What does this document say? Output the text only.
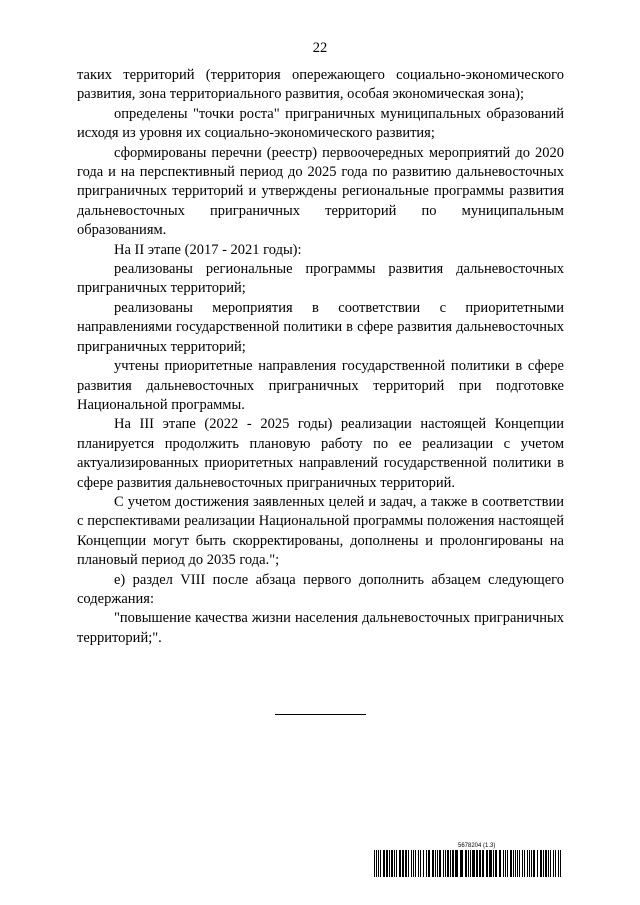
22

таких территорий (территория опережающего социально-экономического развития, зона территориального развития, особая экономическая зона);

определены "точки роста" приграничных муниципальных образований исходя из уровня их социально-экономического развития;

сформированы перечни (реестр) первоочередных мероприятий до 2020 года и на перспективный период до 2025 года по развитию дальневосточных приграничных территорий и утверждены региональные программы развития дальневосточных приграничных территорий по муниципальным образованиям.

На II этапе (2017 - 2021 годы):

реализованы региональные программы развития дальневосточных приграничных территорий;

реализованы мероприятия в соответствии с приоритетными направлениями государственной политики в сфере развития дальневосточных приграничных территорий;

учтены приоритетные направления государственной политики в сфере развития дальневосточных приграничных территорий при подготовке Национальной программы.

На III этапе (2022 - 2025 годы) реализации настоящей Концепции планируется продолжить плановую работу по ее реализации с учетом актуализированных приоритетных направлений государственной политики в сфере развития дальневосточных приграничных территорий.

С учетом достижения заявленных целей и задач, а также в соответствии с перспективами реализации Национальной программы положения настоящей Концепции могут быть скорректированы, дополнены и пролонгированы на плановый период до 2035 года.";

е) раздел VIII после абзаца первого дополнить абзацем следующего содержания:

"повышение качества жизни населения дальневосточных приграничных территорий;".

5678204 (1.3)
